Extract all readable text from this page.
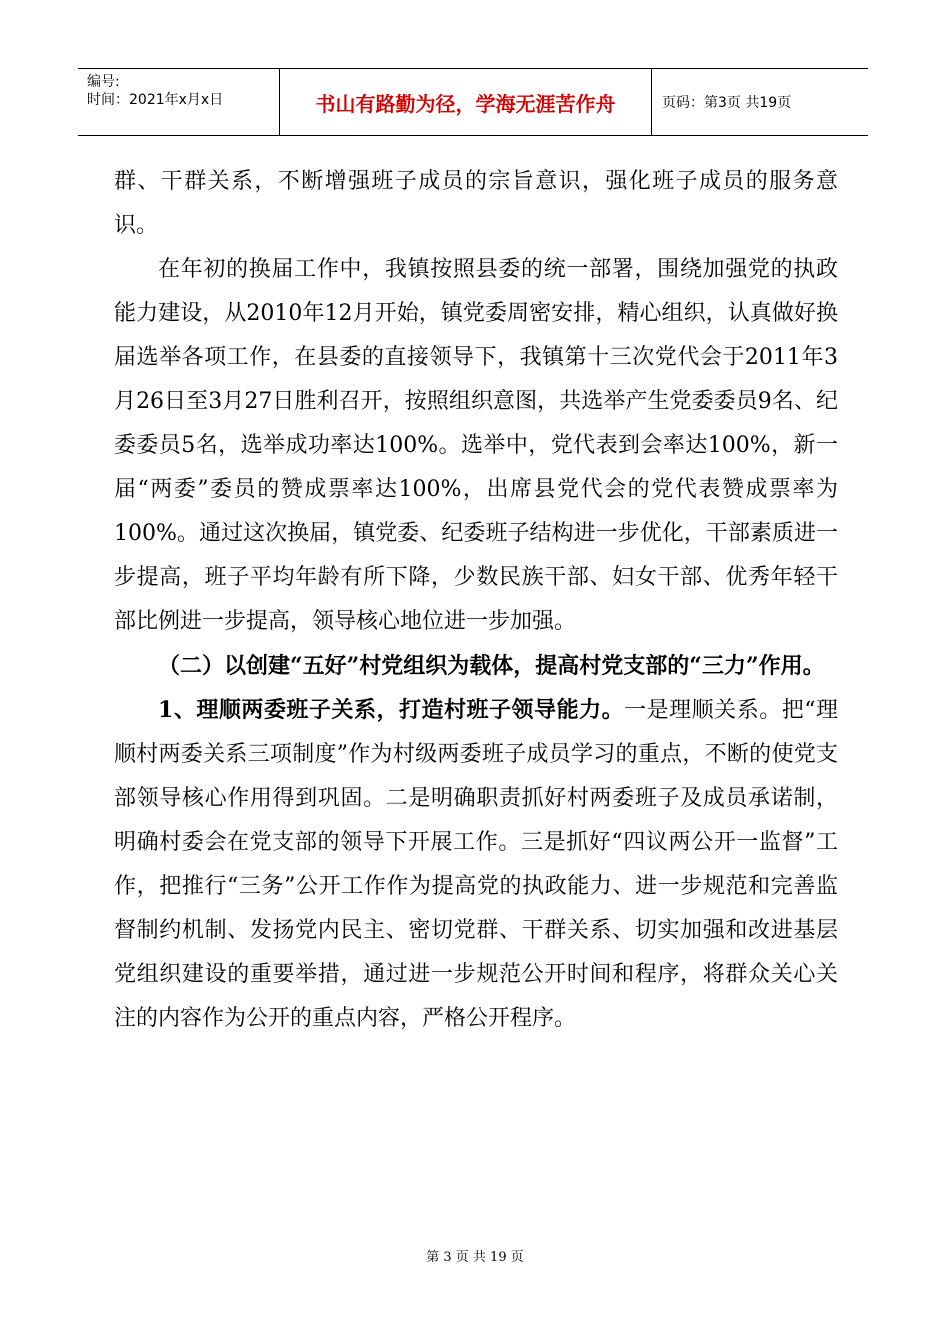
编号:
时间：2021年x月x日	书山有路勤为径，学海无涯苦作舟	页码：第3页 共19页

群、干群关系，不断增强班子成员的宗旨意识，强化班子成员的服务意识。

在年初的换届工作中，我镇按照县委的统一部署，围绕加强党的执政能力建设，从2010年12月开始，镇党委周密安排，精心组织，认真做好换届选举各项工作，在县委的直接领导下，我镇第十三次党代会于2011年3月26日至3月27日胜利召开，按照组织意图，共选举产生党委委员9名、纪委委员5名，选举成功率达100%。选举中，党代表到会率达100%，新一届“两委”委员的赞成票率达100%，出席县党代会的党代表赞成票率为100%。通过这次换届，镇党委、纪委班子结构进一步优化，干部素质进一步提高，班子平均年龄有所下降，少数民族干部、妇女干部、优秀年轻干部比例进一步提高，领导核心地位进一步加强。

（二）以创建“五好”村党组织为载体，提高村党支部的“三力”作用。

1、理顺两委班子关系，打造村班子领导能力。一是理顺关系。把“理顺村两委关系三项制度”作为村级两委班子成员学习的重点，不断的使党支部领导核心作用得到巩固。二是明确职责抓好村两委班子及成员承诺制，明确村委会在党支部的领导下开展工作。三是抓好“四议两公开一监督”工作，把推行“三务”公开工作作为提高党的执政能力、进一步规范和完善监督制约机制、发扬党内民主、密切党群、干群关系、切实加强和改进基层党组织建设的重要举措，通过进一步规范公开时间和程序，将群众关心关注的内容作为公开的重点内容，严格公开程序。

第 3 页 共 19 页
